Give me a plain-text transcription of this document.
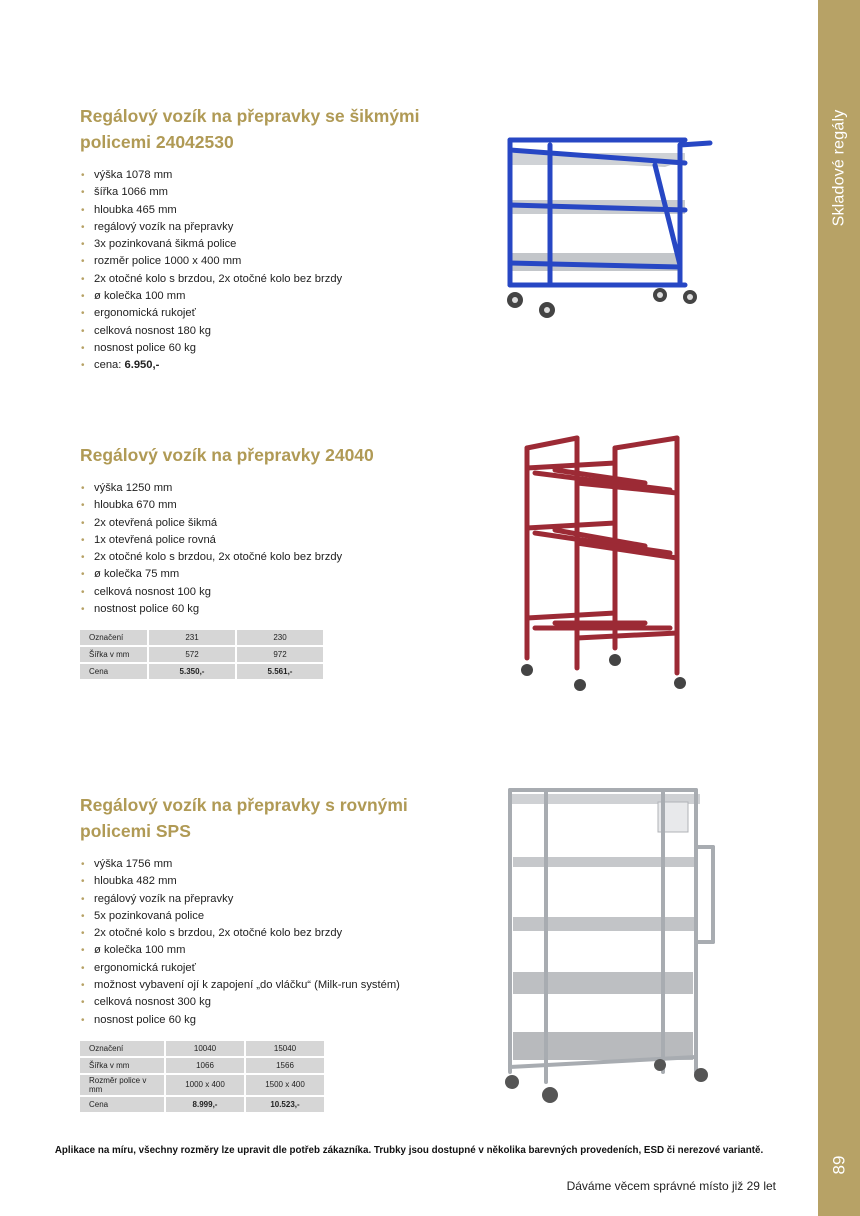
Skladové regály
89
Regálový vozík na přepravky se šikmými policemi 24042530
• výška 1078 mm
• šířka 1066 mm
• hloubka 465 mm
• regálový vozík na přepravky
• 3x pozinkovaná šikmá police
• rozměr police 1000 x 400 mm
• 2x otočné kolo s brzdou, 2x otočné kolo bez brzdy
• ø kolečka 100 mm
• ergonomická rukojeť
• celková nosnost 180 kg
• nosnost police 60 kg
• cena: 6.950,-
Regálový vozík na přepravky 24040
• výška 1250 mm
• hloubka 670 mm
• 2x otevřená police šikmá
• 1x otevřená police rovná
• 2x otočné kolo s brzdou, 2x otočné kolo bez brzdy
• ø kolečka 75 mm
• celková nosnost 100 kg
• nostnost police 60 kg
Označení	231	230
Šířka v mm	572	972
Cena	5.350,-	5.561,-
Regálový vozík na přepravky s rovnými policemi SPS
• výška 1756 mm
• hloubka 482 mm
• regálový vozík na přepravky
• 5x pozinkovaná police
• 2x otočné kolo s brzdou, 2x otočné kolo bez brzdy
• ø kolečka 100 mm
• ergonomická rukojeť
• možnost vybavení ojí k zapojení „do vláčku“ (Milk-run systém)
• celková nosnost 300 kg
• nosnost police 60 kg
Označení	10040	15040
Šířka v mm	1066	1566
Rozměr police v mm	1000 x 400	1500 x 400
Cena	8.999,-	10.523,-
Aplikace na míru, všechny rozměry lze upravit dle potřeb zákazníka. Trubky jsou dostupné v několika barevných provedeních, ESD či nerezové variantě.
Dáváme věcem správné místo již 29 let
